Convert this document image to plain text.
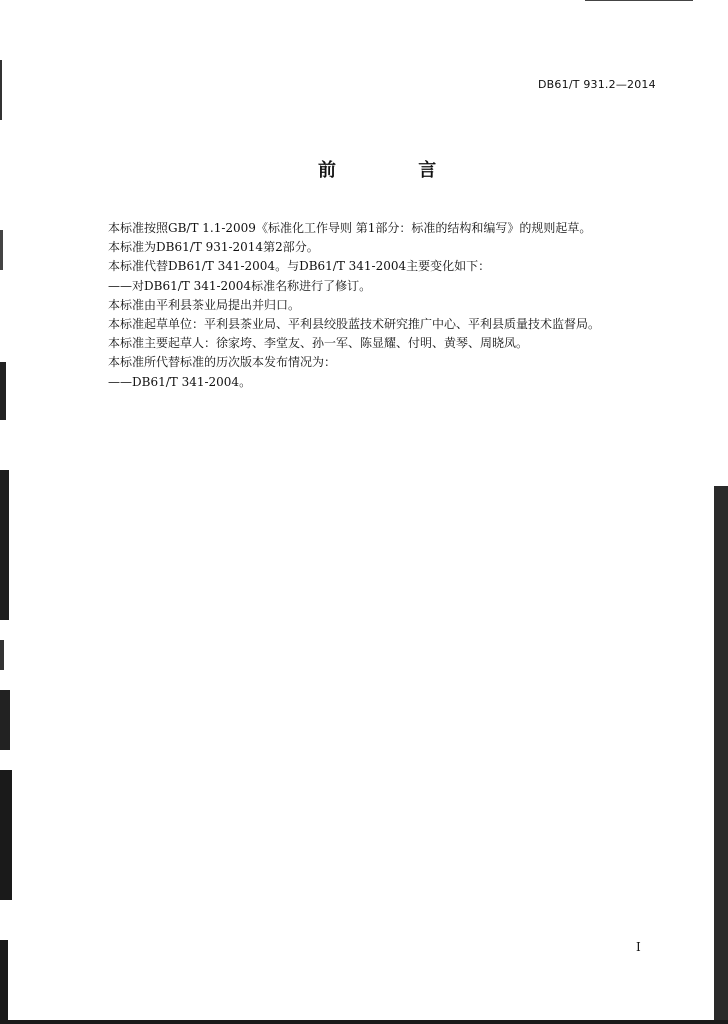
DB61/T 931.2—2014
前 言

本标准按照GB/T 1.1-2009《标准化工作导则 第1部分：标准的结构和编写》的规则起草。

本标准为DB61/T 931-2014第2部分。

本标准代替DB61/T 341-2004。与DB61/T 341-2004主要变化如下：

——对DB61/T 341-2004标准名称进行了修订。

本标准由平利县茶业局提出并归口。

本标准起草单位：平利县茶业局、平利县绞股蓝技术研究推广中心、平利县质量技术监督局。

本标准主要起草人：徐家垮、李堂友、孙一军、陈显耀、付明、黄琴、周晓凤。

本标准所代替标准的历次版本发布情况为：

——DB61/T 341-2004。

I
